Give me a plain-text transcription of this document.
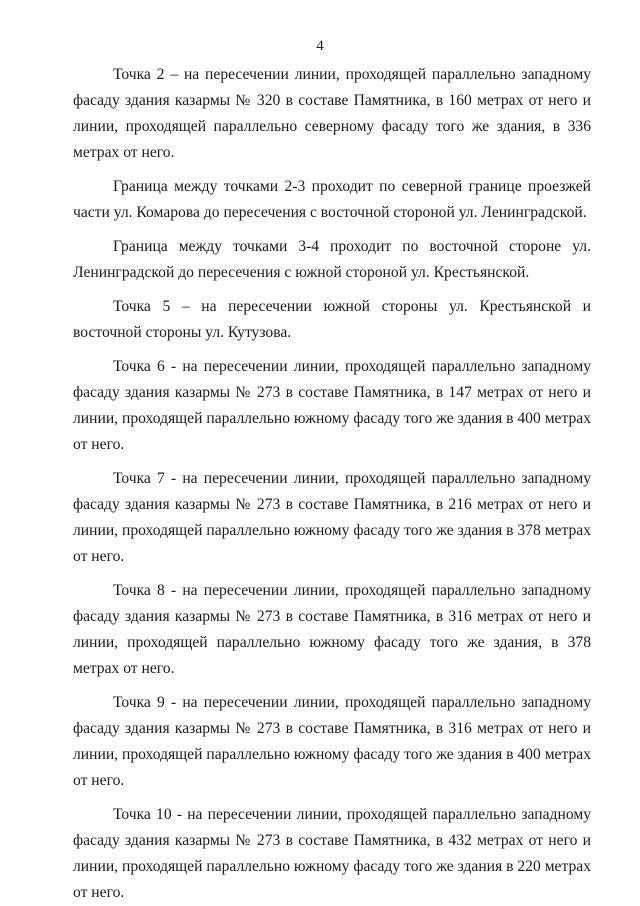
4

Точка 2 – на пересечении линии, проходящей параллельно западному фасаду здания казармы № 320 в составе Памятника, в 160 метрах от него и линии, проходящей параллельно северному фасаду того же здания, в 336 метрах от него.

Граница между точками 2-3 проходит по северной границе проезжей части ул. Комарова до пересечения с восточной стороной ул. Ленинградской.

Граница между точками 3-4 проходит по восточной стороне ул. Ленинградской до пересечения с южной стороной ул. Крестьянской.

Точка 5 – на пересечении южной стороны ул. Крестьянской и восточной стороны ул. Кутузова.

Точка 6 - на пересечении линии, проходящей параллельно западному фасаду здания казармы № 273 в составе Памятника, в 147 метрах от него и линии, проходящей параллельно южному фасаду того же здания в 400 метрах от него.

Точка 7 - на пересечении линии, проходящей параллельно западному фасаду здания казармы № 273 в составе Памятника, в 216 метрах от него и линии, проходящей параллельно южному фасаду того же здания в 378 метрах от него.

Точка 8 - на пересечении линии, проходящей параллельно западному фасаду здания казармы № 273 в составе Памятника, в 316 метрах от него и линии, проходящей параллельно южному фасаду того же здания, в 378 метрах от него.

Точка 9 - на пересечении линии, проходящей параллельно западному фасаду здания казармы № 273 в составе Памятника, в 316 метрах от него и линии, проходящей параллельно южному фасаду того же здания в 400 метрах от него.

Точка 10 - на пересечении линии, проходящей параллельно западному фасаду здания казармы № 273 в составе Памятника, в 432 метрах от него и линии, проходящей параллельно южному фасаду того же здания в 220 метрах от него.
